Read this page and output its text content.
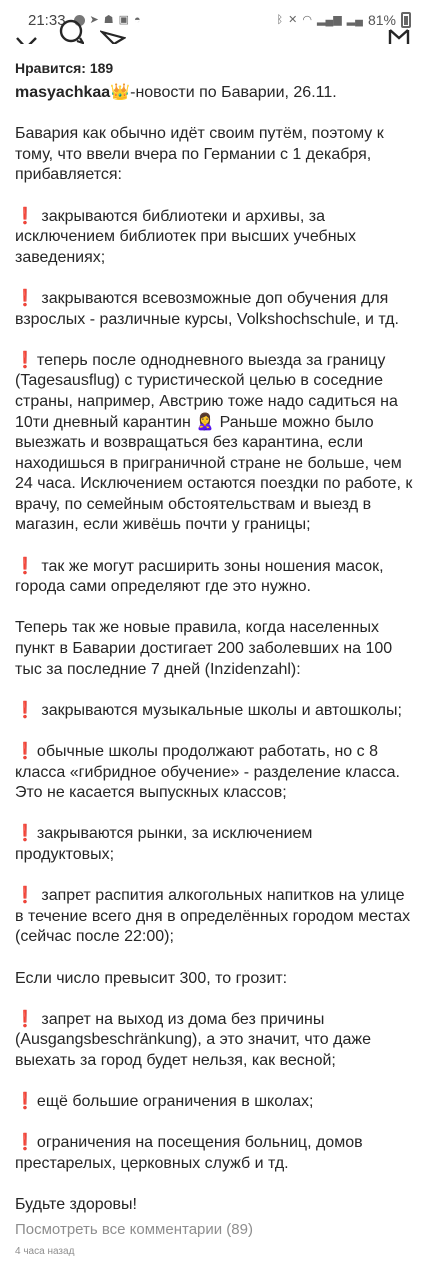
21:33 ➤ ☗ ▣ ◓	ᛒ ✕ ◠ ▂▄▆ ▂▄ 81%

Нравится: 189

masyachkaa👑-новости по Баварии, 26.11.

Бавария как обычно идёт своим путём, поэтому к тому, что ввели вчера по Германии с 1 декабря, прибавляется:

❗ закрываются библиотеки и архивы, за исключением библиотек при высших учебных заведениях;

❗ закрываются всевозможные доп обучения для взрослых - различные курсы, Volkshochschule, и тд.

❗ теперь после однодневного выезда за границу (Tagesausflug) с туристической целью в соседние страны, например, Австрию тоже надо садиться на 10ти дневный карантин 🙎‍♀️ Раньше можно было выезжать и возвращаться без карантина, если находишься в приграничной стране не больше, чем 24 часа. Исключением остаются поездки по работе, к врачу, по семейным обстоятельствам и выезд в магазин, если живёшь почти у границы;

❗ так же могут расширить зоны ношения масок, города сами определяют где это нужно.

Теперь так же новые правила, когда населенных пункт в Баварии достигает 200 заболевших на 100 тыс за последние 7 дней (Inzidenzahl):

❗ закрываются музыкальные школы и автошколы;

❗ обычные школы продолжают работать, но с 8 класса «гибридное обучение» - разделение класса. Это не касается выпускных классов;

❗ закрываются рынки, за исключением продуктовых;

❗ запрет распития алкогольных напитков на улице в течение всего дня в определённых городом местах (сейчас после 22:00);

Если число превысит 300, то грозит:

❗ запрет на выход из дома без причины (Ausgangsbeschränkung), а это значит, что даже выехать за город будет нельзя, как весной;

❗ ещё большие ограничения в школах;

❗ ограничения на посещения больниц, домов престарелых, церковных служб и тд.

Будьте здоровы!

Посмотреть все комментарии (89)

4 часа назад
